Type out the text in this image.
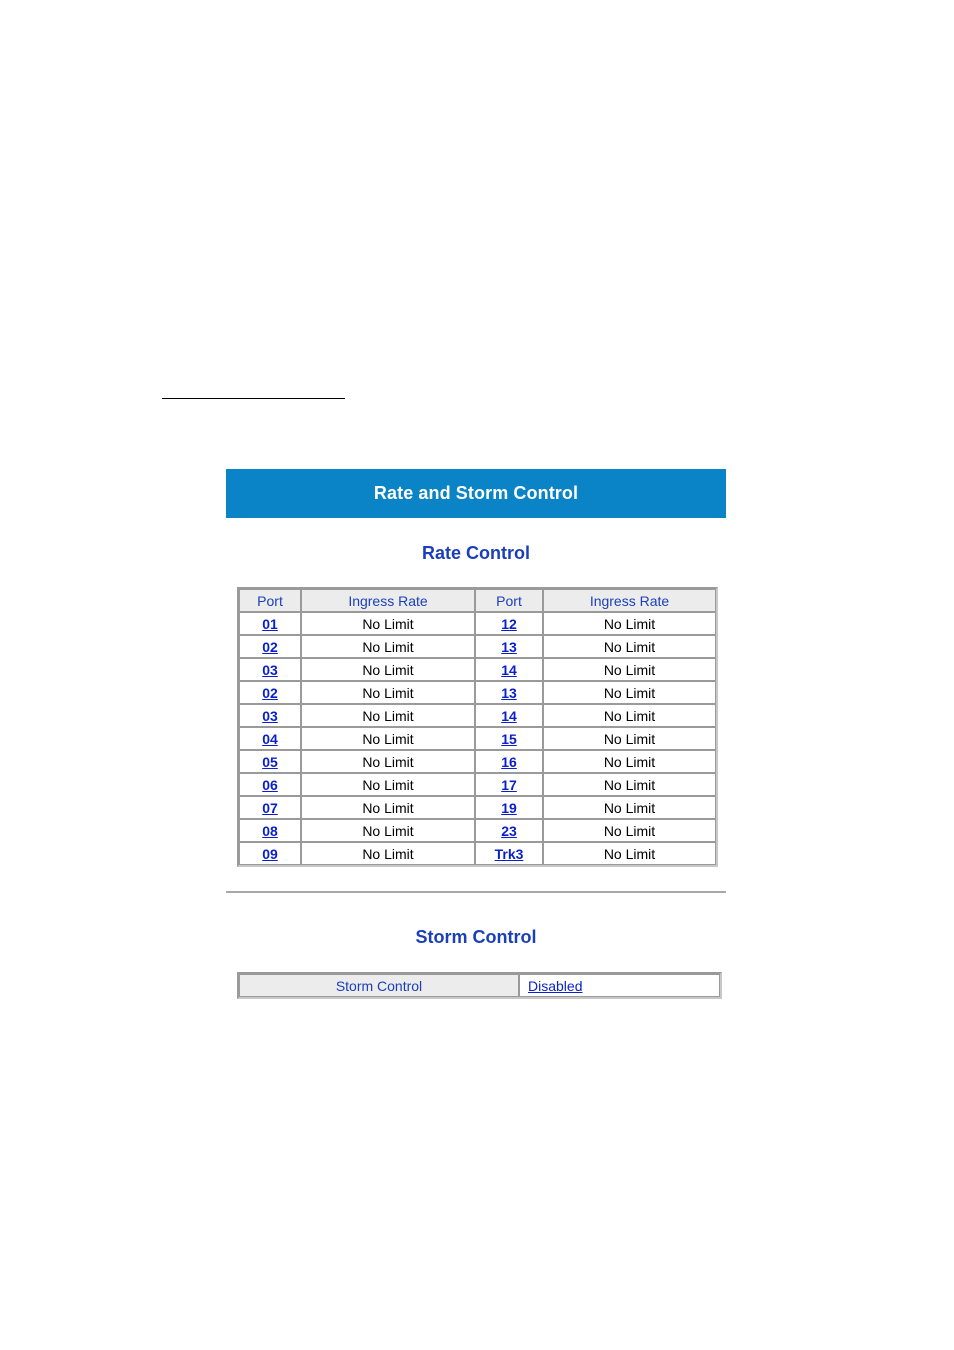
Rate and Storm Control
Rate Control
Port	Ingress Rate	Port	Ingress Rate
01	No Limit	12	No Limit
02	No Limit	13	No Limit
03	No Limit	14	No Limit
02	No Limit	13	No Limit
03	No Limit	14	No Limit
04	No Limit	15	No Limit
05	No Limit	16	No Limit
06	No Limit	17	No Limit
07	No Limit	19	No Limit
08	No Limit	23	No Limit
09	No Limit	Trk3	No Limit
Storm Control
Storm Control	Disabled
